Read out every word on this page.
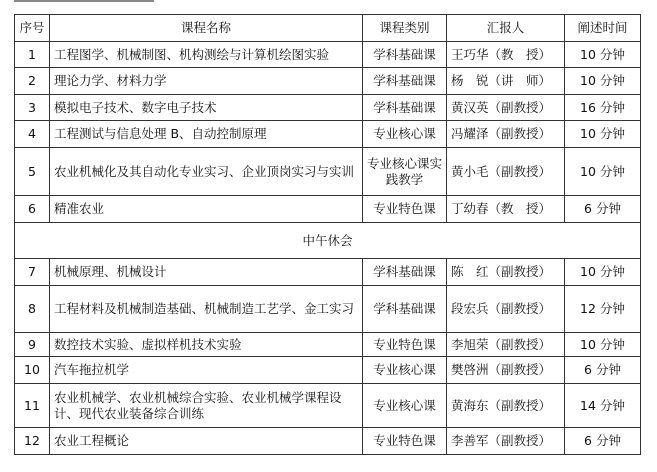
序号	课程名称	课程类别	汇报人	阐述时间
1	工程图学、机械制图、机构测绘与计算机绘图实验	学科基础课	王巧华（教　授）	10 分钟
2	理论力学、材料力学	学科基础课	杨　锐（讲　师）	10 分钟
3	模拟电子技术、数字电子技术	学科基础课	黄汉英（副教授）	16 分钟
4	工程测试与信息处理 B、自动控制原理	专业核心课	冯耀泽（副教授）	10 分钟
5	农业机械化及其自动化专业实习、企业顶岗实习与实训	专业核心课实践教学	黄小毛（副教授）	10 分钟
6	精准农业	专业特色课	丁幼春（教　授）	6 分钟
中午休会				
7	机械原理、机械设计	学科基础课	陈　红（副教授）	10 分钟
8	工程材料及机械制造基础、机械制造工艺学、金工实习	学科基础课	段宏兵（副教授）	12 分钟
9	数控技术实验、虚拟样机技术实验	专业特色课	李旭荣（副教授）	10 分钟
10	汽车拖拉机学	专业核心课	樊啓洲（副教授）	6 分钟
11	农业机械学、农业机械综合实验、农业机械学课程设计、现代农业装备综合训练	专业核心课	黄海东（副教授）	14 分钟
12	农业工程概论	专业特色课	李善军（副教授）	6 分钟
